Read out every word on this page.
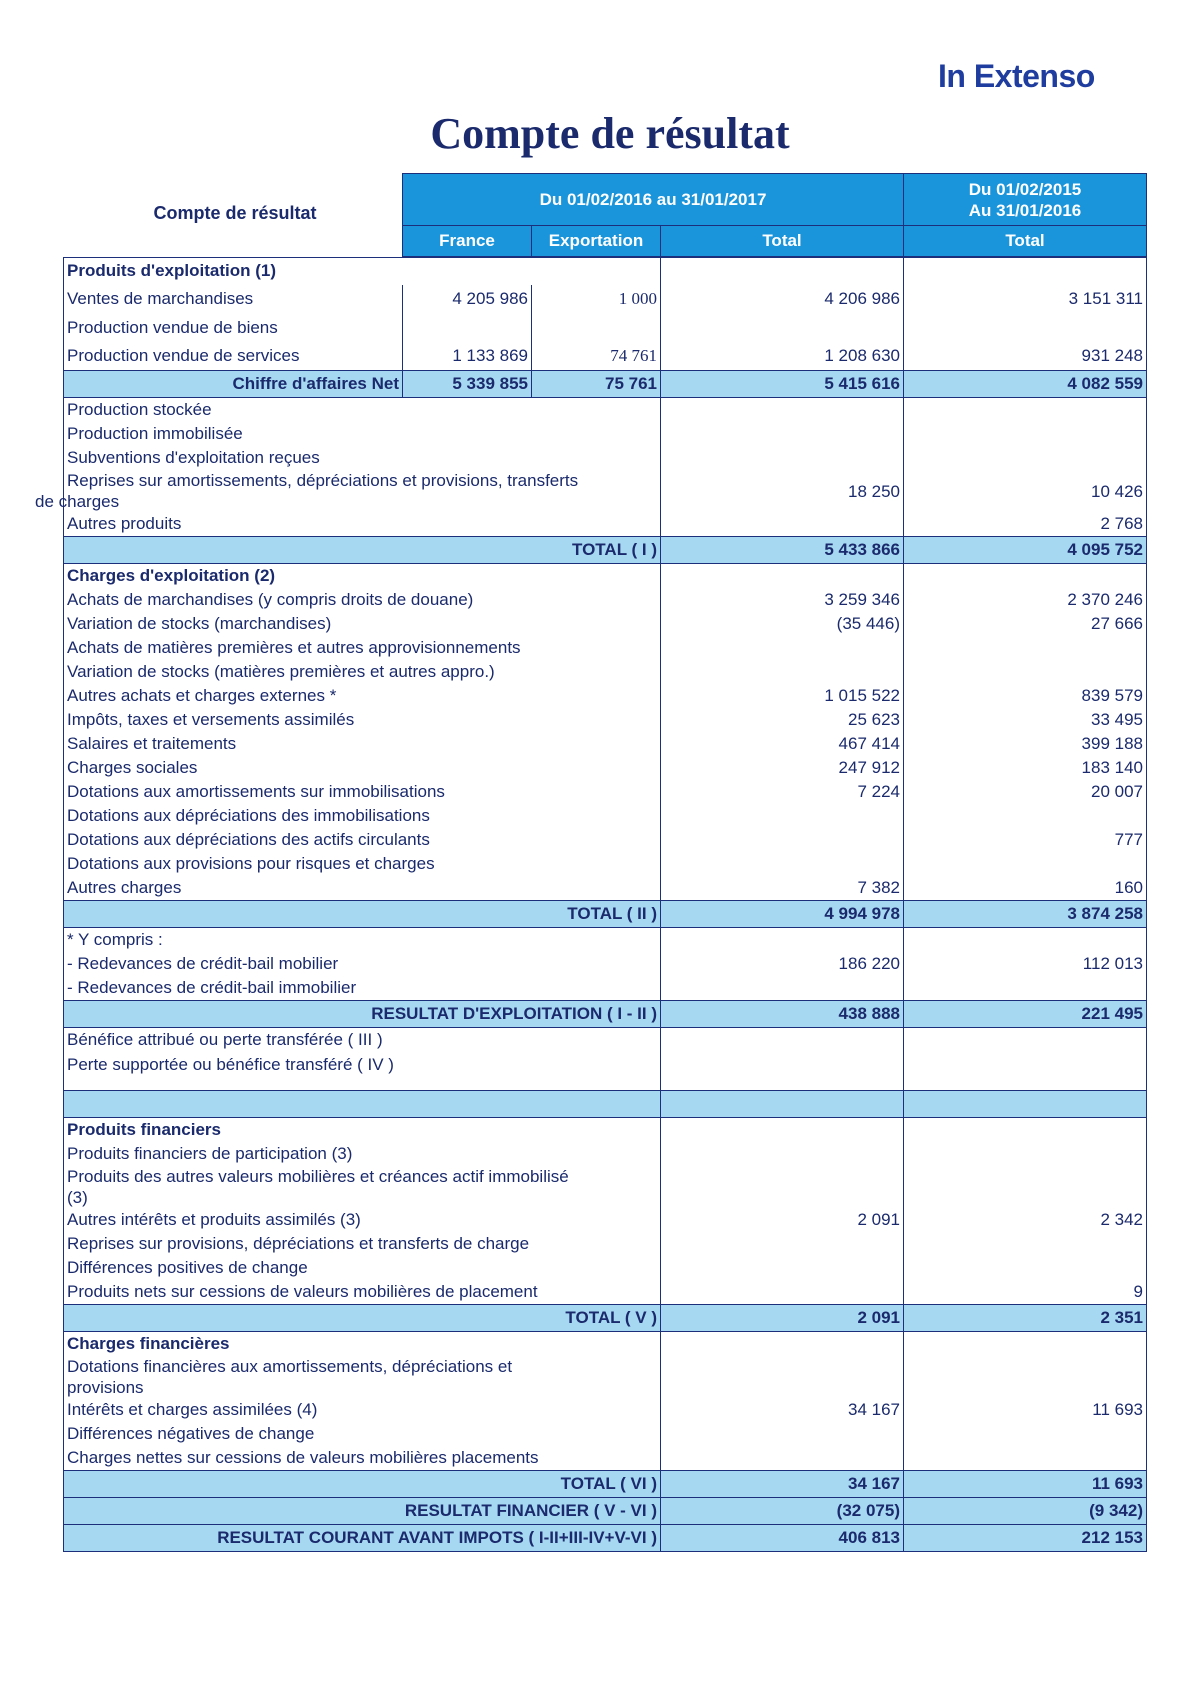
In Extenso
Compte de résultat
Compte de résultat
Du 01/02/2016 au 31/01/2017			Du 01/02/2015
Au 31/01/2016
France	Exportation	Total	Total
Produits d'exploitation (1)				
Ventes de marchandises	4 205 986	1 000	4 206 986	3 151 311
Production vendue de biens				
Production vendue de services	1 133 869	74 761	1 208 630	931 248
Chiffre d'affaires Net	5 339 855	75 761	5 415 616	4 082 559
Production stockée				
Production immobilisée				
Subventions d'exploitation reçues				
Reprises sur amortissements, dépréciations et provisions, transferts
de charges			18 250	10 426
Autres produits				2 768
TOTAL ( I )			5 433 866	4 095 752
Charges d'exploitation (2)				
Achats de marchandises (y compris droits de douane)			3 259 346	2 370 246
Variation de stocks (marchandises)			(35 446)	27 666
Achats de matières premières et autres approvisionnements				
Variation de stocks (matières premières et autres appro.)				
Autres achats et charges externes *			1 015 522	839 579
Impôts, taxes et versements assimilés			25 623	33 495
Salaires et traitements			467 414	399 188
Charges sociales			247 912	183 140
Dotations aux amortissements sur immobilisations			7 224	20 007
Dotations aux dépréciations des immobilisations				
Dotations aux dépréciations des actifs circulants				777
Dotations aux provisions pour risques et charges				
Autres charges			7 382	160
TOTAL ( II )			4 994 978	3 874 258
* Y compris :				
- Redevances de crédit-bail mobilier			186 220	112 013
- Redevances de crédit-bail immobilier				
RESULTAT D'EXPLOITATION ( I - II )			438 888	221 495
Bénéfice attribué ou perte transférée ( III )				
Perte supportée ou bénéfice transféré ( IV )				

Produits financiers				
Produits financiers de participation (3)				
Produits des autres valeurs mobilières et créances actif immobilisé
(3)				
Autres intérêts et produits assimilés (3)			2 091	2 342
Reprises sur provisions, dépréciations et transferts de charge				
Différences positives de change				
Produits nets sur cessions de valeurs mobilières de placement				9
TOTAL ( V )			2 091	2 351
Charges financières				
Dotations financières aux amortissements, dépréciations et
provisions				
Intérêts et charges assimilées (4)			34 167	11 693
Différences négatives de change				
Charges nettes sur cessions de valeurs mobilières placements				
TOTAL ( VI )			34 167	11 693
RESULTAT FINANCIER ( V - VI )			(32 075)	(9 342)
RESULTAT COURANT AVANT IMPOTS ( I-II+III-IV+V-VI )			406 813	212 153
